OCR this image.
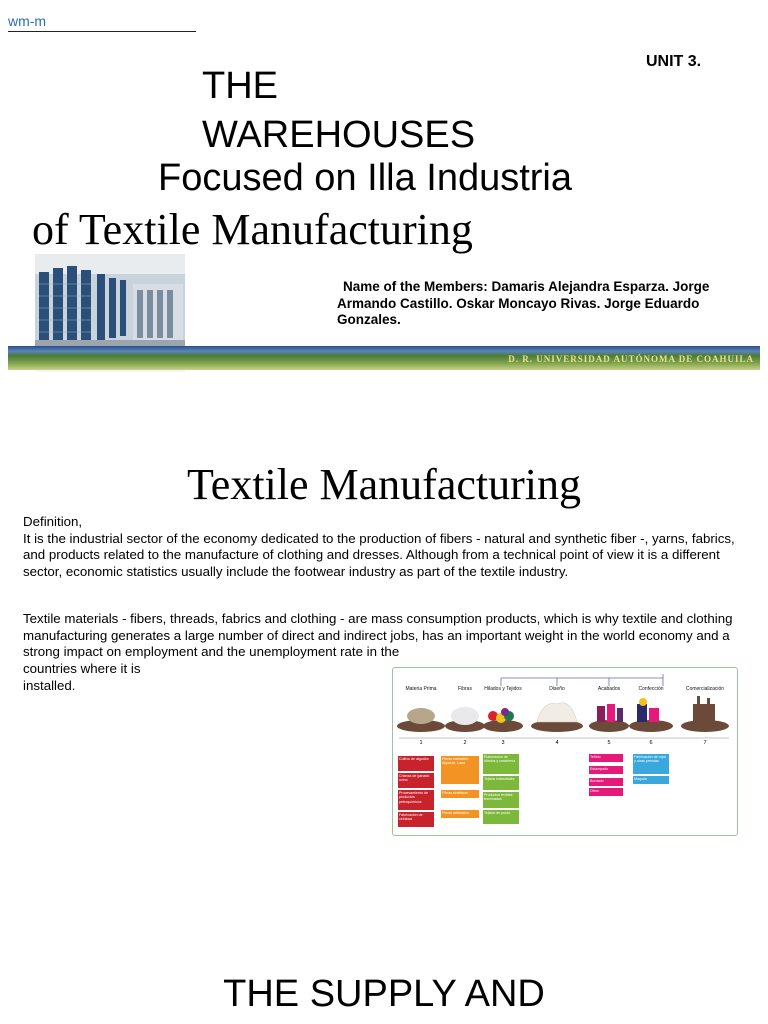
wm-m
UNIT 3.
THE
WAREHOUSES
Focused on Illa Industria
of Textile Manufacturing
Name of the Members: Damaris Alejandra Esparza. Jorge Armando Castillo. Oskar Moncayo Rivas. Jorge Eduardo Gonzales.
D. R. UNIVERSIDAD AUTÓNOMA DE COAHUILA
Textile Manufacturing
Definition,
It is the industrial sector of the economy dedicated to the production of fibers - natural and synthetic fiber -, yarns, fabrics, and products related to the manufacture of clothing and dresses. Although from a technical point of view it is a different sector, economic statistics usually include the footwear industry as part of the textile industry.
Textile materials - fibers, threads, fabrics and clothing - are mass consumption products, which is why textile and clothing manufacturing generates a large number of direct and indirect jobs, has an important weight in the world economy and a strong impact on employment and the unemployment rate in the
countries where it is
installed.	Materia Prima	Fibras	Hilados y Tejidos	Diseño	Acabados	Confección	Comercialización
1	2	3	4	5	6	7
Cultivo de algodón
Crianza de ganado ovino
Procesamiento de productos petroquímicos
Fabricación de celulosa
Fibras naturales: Algodón, Lana
Fibras sintéticas
Fibras artificiales
Elaboración de hilados y cordelería
Tejidos industriales
Productos textiles terminados
Tejidos de punto
Teñido
Estampado
Bordado
Otros
Fabricación de ropa y otras prendas
Maquila
THE SUPPLY AND
